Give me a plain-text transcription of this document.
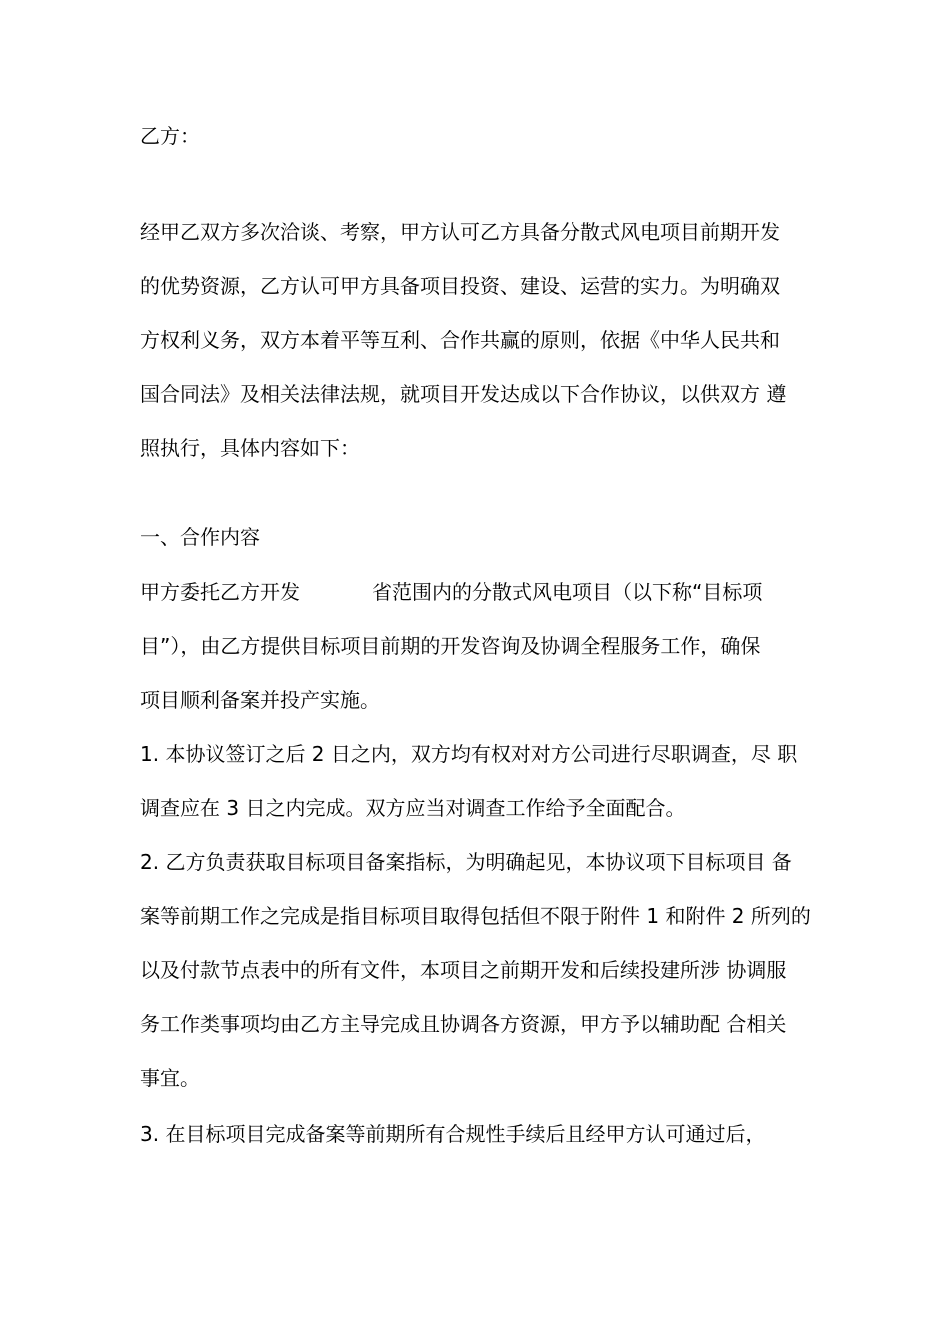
乙方：
经甲乙双方多次洽谈、考察，甲方认可乙方具备分散式风电项目前期开发
的优势资源，乙方认可甲方具备项目投资、建设、运营的实力。为明确双
方权利义务，双方本着平等互利、合作共赢的原则，依据《中华人民共和
国合同法》及相关法律法规，就项目开发达成以下合作协议，以供双方 遵
照执行，具体内容如下：
一、合作内容
甲方委托乙方开发	省范围内的分散式风电项目（以下称“目标项
目”），由乙方提供目标项目前期的开发咨询及协调全程服务工作，确保
项目顺利备案并投产实施。
1. 本协议签订之后 2 日之内，双方均有权对对方公司进行尽职调查，尽 职
调查应在 3 日之内完成。双方应当对调查工作给予全面配合。
2. 乙方负责获取目标项目备案指标，为明确起见，本协议项下目标项目 备
案等前期工作之完成是指目标项目取得包括但不限于附件 1 和附件 2 所列的
以及付款节点表中的所有文件，本项目之前期开发和后续投建所涉 协调服
务工作类事项均由乙方主导完成且协调各方资源，甲方予以辅助配 合相关
事宜。
3. 在目标项目完成备案等前期所有合规性手续后且经甲方认可通过后，
